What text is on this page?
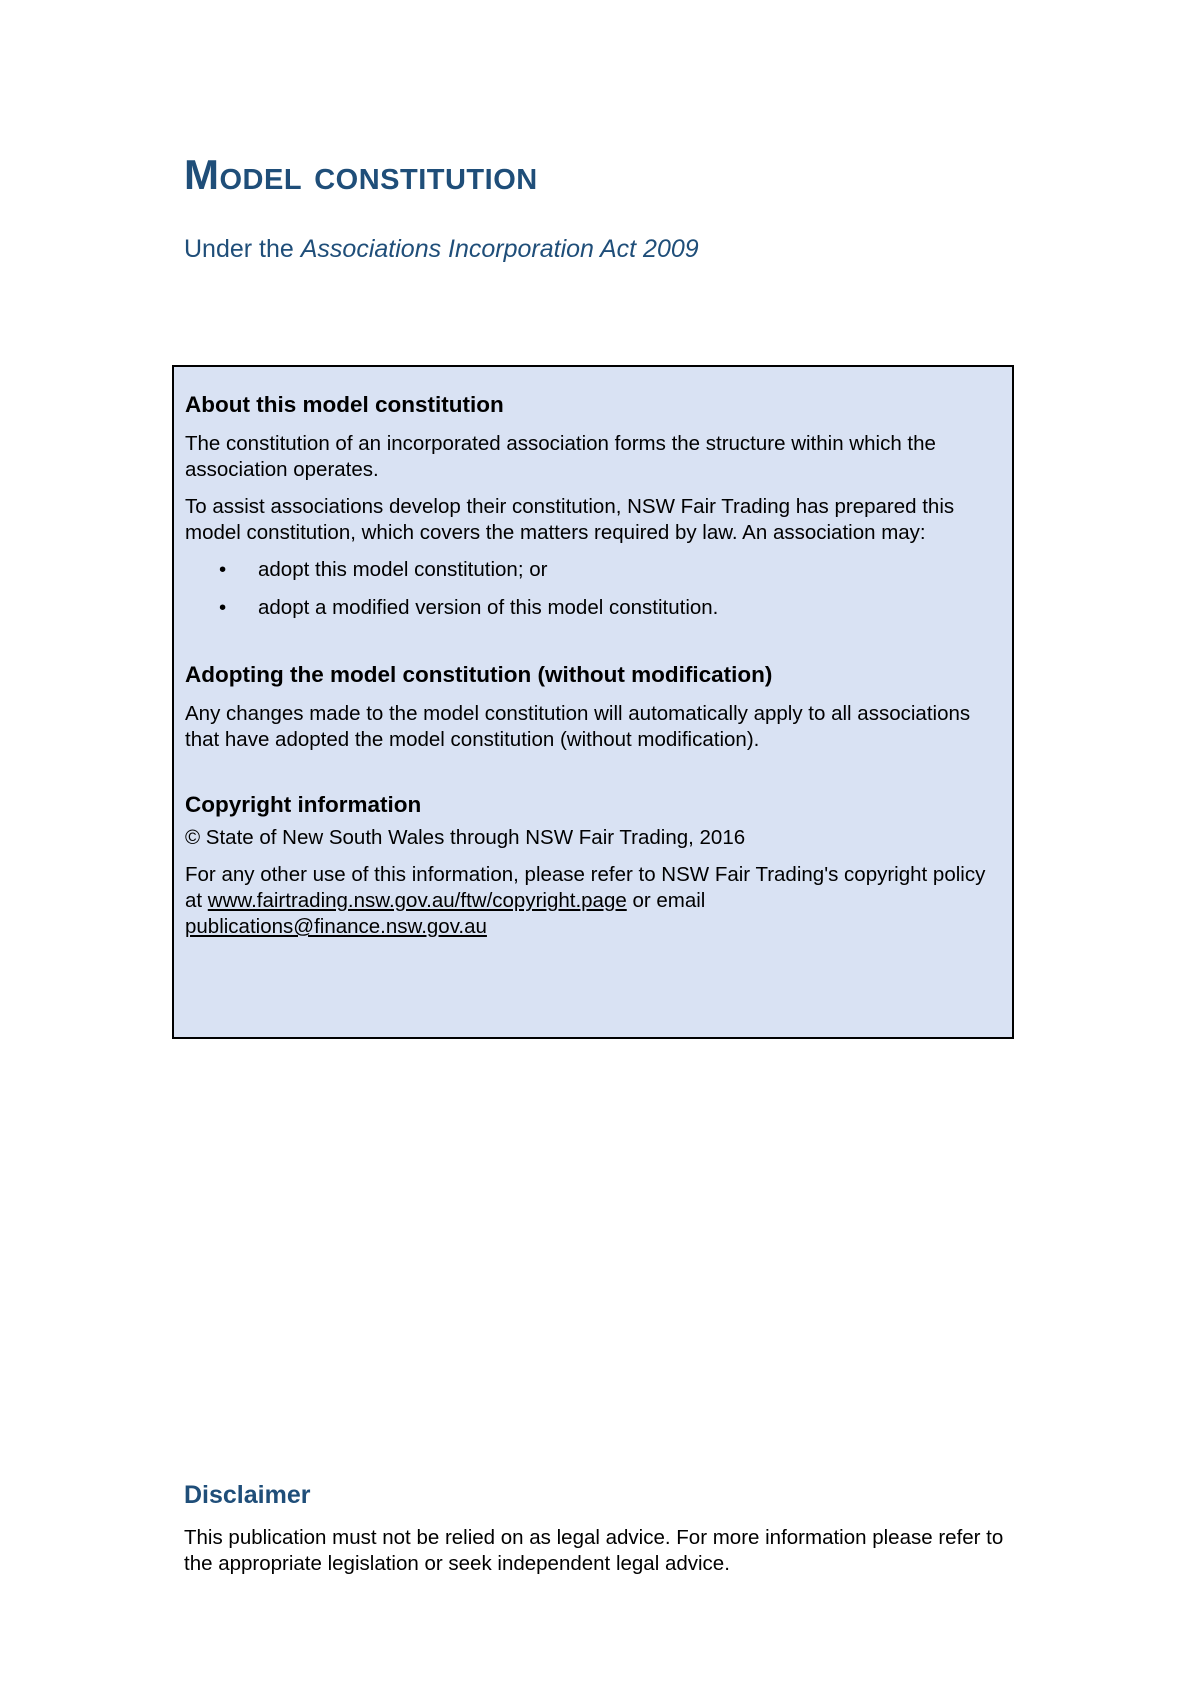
Model constitution

Under the Associations Incorporation Act 2009

About this model constitution

The constitution of an incorporated association forms the structure within which the association operates.

To assist associations develop their constitution, NSW Fair Trading has prepared this model constitution, which covers the matters required by law. An association may:

• adopt this model constitution; or
• adopt a modified version of this model constitution.
Adopting the model constitution (without modification)

Any changes made to the model constitution will automatically apply to all associations that have adopted the model constitution (without modification).

Copyright information

© State of New South Wales through NSW Fair Trading, 2016

For any other use of this information, please refer to NSW Fair Trading's copyright policy at www.fairtrading.nsw.gov.au/ftw/copyright.page or email publications@finance.nsw.gov.au

Disclaimer

This publication must not be relied on as legal advice. For more information please refer to the appropriate legislation or seek independent legal advice.
